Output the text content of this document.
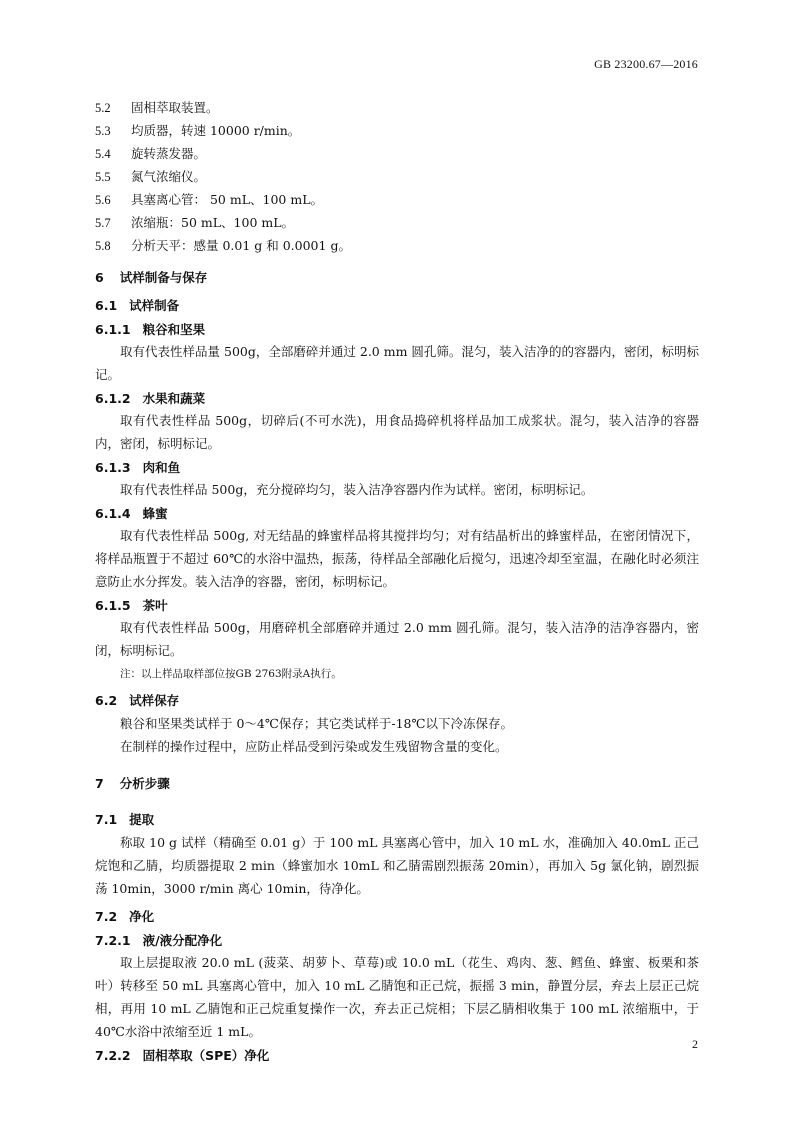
GB 23200.67—2016
5.2 固相萃取装置。
5.3 均质器，转速 10000 r/min。
5.4 旋转蒸发器。
5.5 氮气浓缩仪。
5.6 具塞离心管： 50 mL、100 mL。
5.7 浓缩瓶：50 mL、100 mL。
5.8 分析天平：感量 0.01 g 和 0.0001 g。
6 试样制备与保存
6.1 试样制备
6.1.1 粮谷和坚果

取有代表性样品量 500g，全部磨碎并通过 2.0 mm 圆孔筛。混匀，装入洁净的的容器内，密闭，标明标记。

6.1.2 水果和蔬菜

取有代表性样品 500g，切碎后(不可水洗)，用食品捣碎机将样品加工成浆状。混匀，装入洁净的容器内，密闭，标明标记。

6.1.3 肉和鱼

取有代表性样品 500g，充分搅碎均匀，装入洁净容器内作为试样。密闭，标明标记。

6.1.4 蜂蜜

取有代表性样品 500g, 对无结晶的蜂蜜样品将其搅拌均匀；对有结晶析出的蜂蜜样品，在密闭情况下，将样品瓶置于不超过 60℃的水浴中温热，振荡，待样品全部融化后搅匀，迅速冷却至室温，在融化时必须注意防止水分挥发。装入洁净的容器，密闭，标明标记。

6.1.5 茶叶

取有代表性样品 500g，用磨碎机全部磨碎并通过 2.0 mm 圆孔筛。混匀，装入洁净的洁净容器内，密闭，标明标记。

注：以上样品取样部位按GB 2763附录A执行。
6.2 试样保存

粮谷和坚果类试样于 0～4℃保存；其它类试样于-18℃以下冷冻保存。

在制样的操作过程中，应防止样品受到污染或发生残留物含量的变化。

7 分析步骤
7.1 提取

称取 10 g 试样（精确至 0.01 g）于 100 mL 具塞离心管中，加入 10 mL 水，准确加入 40.0mL 正己烷饱和乙腈，均质器提取 2 min（蜂蜜加水 10mL 和乙腈需剧烈振荡 20min），再加入 5g 氯化钠，剧烈振荡 10min，3000 r/min 离心 10min，待净化。

7.2 净化
7.2.1 液/液分配净化

取上层提取液 20.0 mL (菠菜、胡萝卜、草莓)或 10.0 mL（花生、鸡肉、葱、鳕鱼、蜂蜜、板栗和茶叶）转移至 50 mL 具塞离心管中，加入 10 mL 乙腈饱和正己烷，振摇 3 min，静置分层，弃去上层正己烷相，再用 10 mL 乙腈饱和正己烷重复操作一次，弃去正己烷相；下层乙腈相收集于 100 mL 浓缩瓶中，于 40℃水浴中浓缩至近 1 mL。

7.2.2 固相萃取（SPE）净化
2
